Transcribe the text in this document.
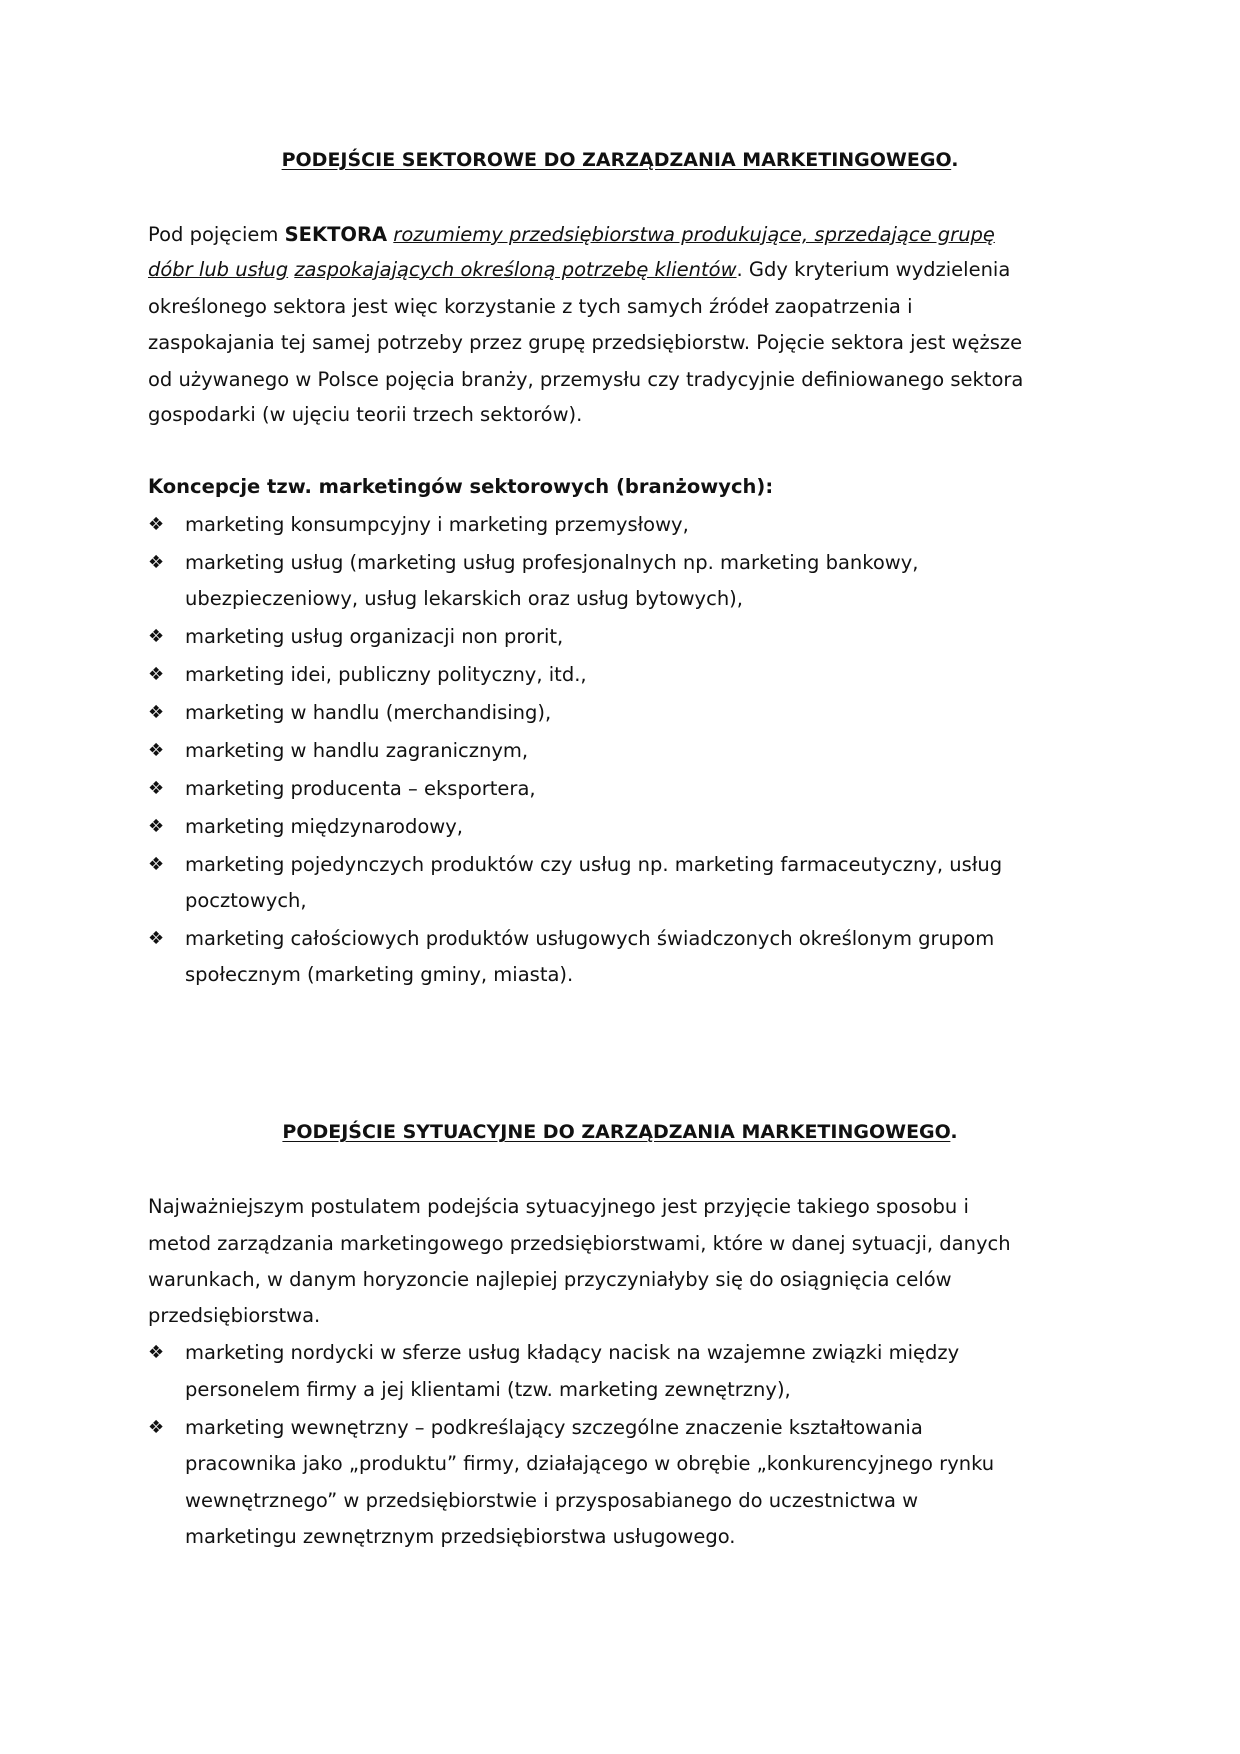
PODEJŚCIE SEKTOROWE DO ZARZĄDZANIA MARKETINGOWEGO.
Pod pojęciem SEKTORA rozumiemy przedsiębiorstwa produkujące, sprzedające grupę
dóbr lub usług zaspokajających określoną potrzebę klientów. Gdy kryterium wydzielenia
określonego sektora jest więc korzystanie z tych samych źródeł zaopatrzenia i
zaspokajania tej samej potrzeby przez grupę przedsiębiorstw. Pojęcie sektora jest węższe
od używanego w Polsce pojęcia branży, przemysłu czy tradycyjnie definiowanego sektora
gospodarki (w ujęciu teorii trzech sektorów).
Koncepcje tzw. marketingów sektorowych (branżowych):
❖ marketing konsumpcyjny i marketing przemysłowy,
❖ marketing usług (marketing usług profesjonalnych np. marketing bankowy,
ubezpieczeniowy, usług lekarskich oraz usług bytowych),
❖ marketing usług organizacji non prorit,
❖ marketing idei, publiczny polityczny, itd.,
❖ marketing w handlu (merchandising),
❖ marketing w handlu zagranicznym,
❖ marketing producenta – eksportera,
❖ marketing międzynarodowy,
❖ marketing pojedynczych produktów czy usług np. marketing farmaceutyczny, usług
pocztowych,
❖ marketing całościowych produktów usługowych świadczonych określonym grupom
społecznym (marketing gminy, miasta).
PODEJŚCIE SYTUACYJNE DO ZARZĄDZANIA MARKETINGOWEGO.
Najważniejszym postulatem podejścia sytuacyjnego jest przyjęcie takiego sposobu i
metod zarządzania marketingowego przedsiębiorstwami, które w danej sytuacji, danych
warunkach, w danym horyzoncie najlepiej przyczyniałyby się do osiągnięcia celów
przedsiębiorstwa.
❖ marketing nordycki w sferze usług kładący nacisk na wzajemne związki między
personelem firmy a jej klientami (tzw. marketing zewnętrzny),
❖ marketing wewnętrzny – podkreślający szczególne znaczenie kształtowania
pracownika jako „produktu” firmy, działającego w obrębie „konkurencyjnego rynku
wewnętrznego” w przedsiębiorstwie i przysposabianego do uczestnictwa w
marketingu zewnętrznym przedsiębiorstwa usługowego.
